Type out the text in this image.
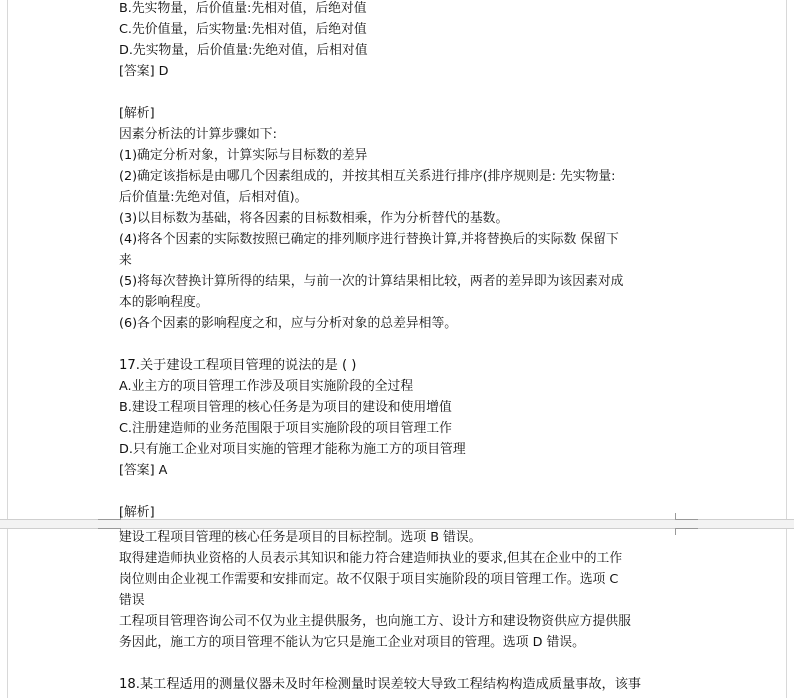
B.先实物量，后价值量:先相对值，后绝对值
C.先价值量，后实物量:先相对值，后绝对值
D.先实物量，后价值量:先绝对值，后相对值
[答案] D
[解析]
因素分析法的计算步骤如下:
(1)确定分析对象，计算实际与目标数的差异
(2)确定该指标是由哪几个因素组成的，并按其相互关系进行排序(排序规则是: 先实物量:
后价值量:先绝对值，后相对值)。
(3)以目标数为基础，将各因素的目标数相乘，作为分析替代的基数。
(4)将各个因素的实际数按照已确定的排列顺序进行替换计算,并将替换后的实际数 保留下
来
(5)将每次替换计算所得的结果，与前一次的计算结果相比较，两者的差异即为该因素对成
本的影响程度。
(6)各个因素的影响程度之和，应与分析对象的总差异相等。
17.关于建设工程项目管理的说法的是 ( )
A.业主方的项目管理工作涉及项目实施阶段的全过程
B.建设工程项目管理的核心任务是为项目的建设和使用增值
C.注册建造师的业务范围限于项目实施阶段的项目管理工作
D.只有施工企业对项目实施的管理才能称为施工方的项目管理
[答案] A
[解析]
建设工程项目管理的核心任务是项目的目标控制。选项 B 错误。
取得建造师执业资格的人员表示其知识和能力符合建造师执业的要求,但其在企业中的工作
岗位则由企业视工作需要和安排而定。故不仅限于项目实施阶段的项目管理工作。选项 C
错误
工程项目管理咨询公司不仅为业主提供服务，也向施工方、设计方和建设物资供应方提供服
务因此，施工方的项目管理不能认为它只是施工企业对项目的管理。选项 D 错误。
18.某工程适用的测量仪器未及时年检测量时误差较大导致工程结构构造成质量事故，该事
